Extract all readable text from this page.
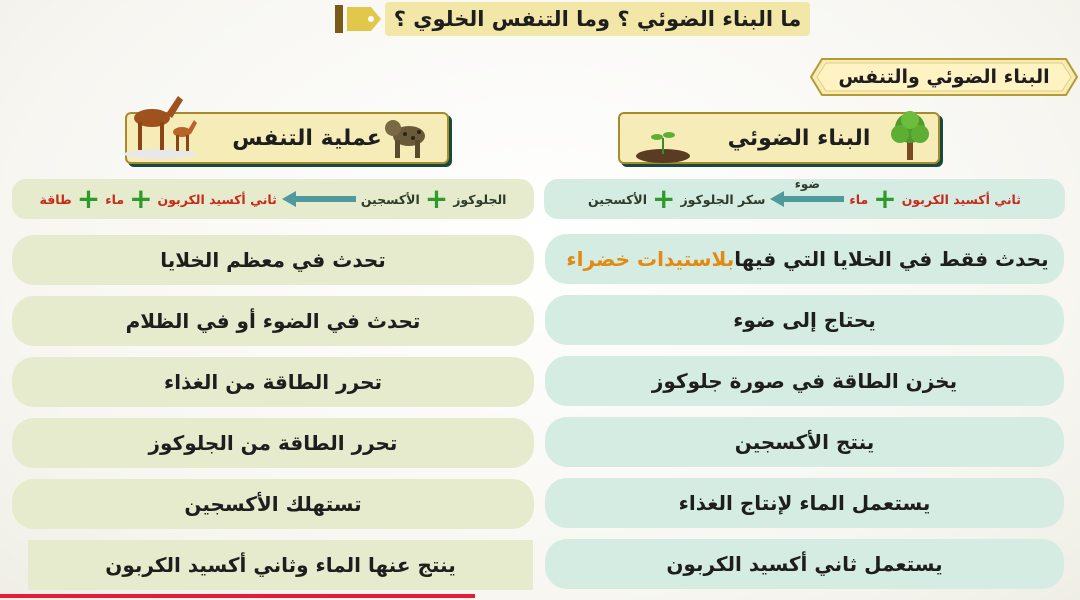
ما البناء الضوئي ؟ وما التنفس الخلوي ؟
البناء الضوئي والتنفس
البناء الضوئي
عملية التنفس
ثاني أكسيد الكربون
+
ماء
ضوء
سكر الجلوكوز
+
الأكسجين
الجلوكوز
+
الأكسجين
ثاني أكسيد الكربون
+
ماء
+
طاقة
يحدث فقط في الخلايا التي فيها
بلاستيدات خضراء
يحتاج إلى ضوء
يخزن الطاقة في صورة جلوكوز
ينتج الأكسجين
يستعمل الماء لإنتاج الغذاء
يستعمل ثاني أكسيد الكربون
تحدث في معظم الخلايا
تحدث في الضوء أو في الظلام
تحرر الطاقة من الغذاء
تحرر الطاقة من الجلوكوز
تستهلك الأكسجين
ينتج عنها الماء وثاني أكسيد الكربون
